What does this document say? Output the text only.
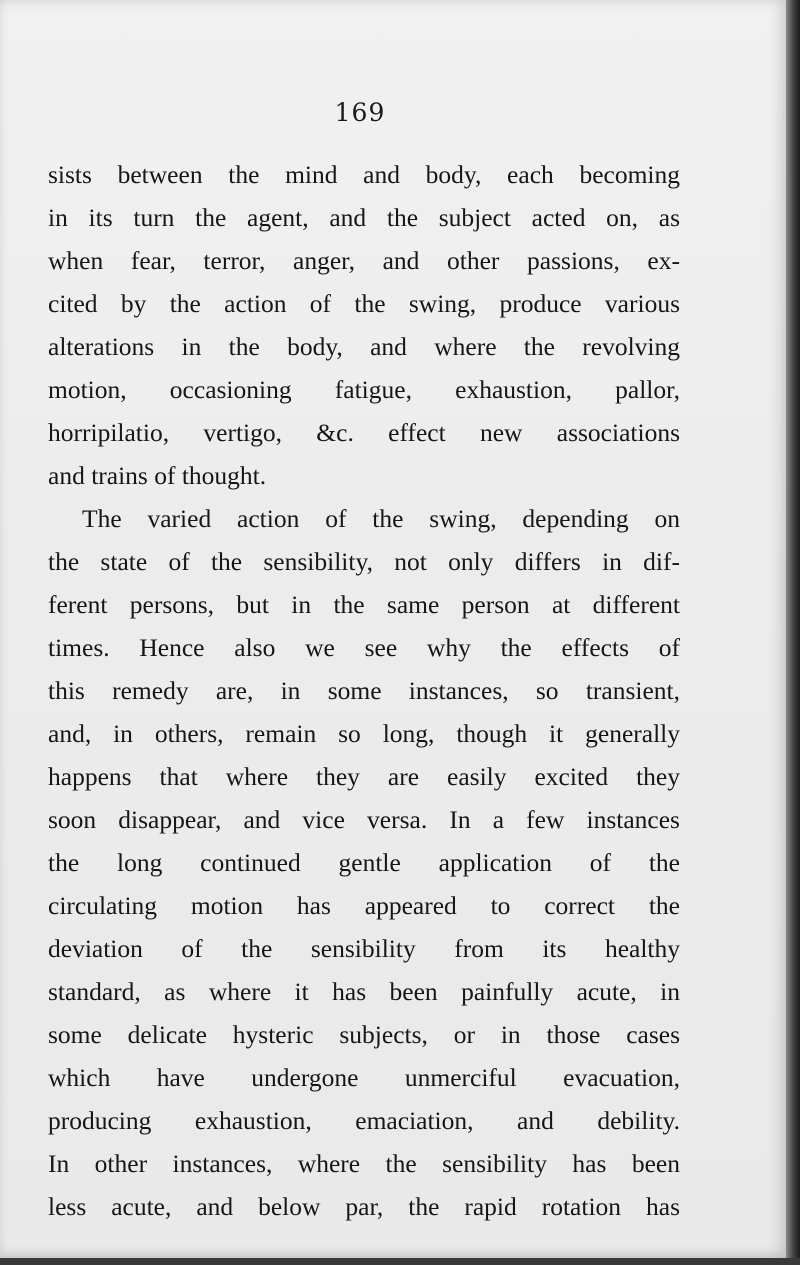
169
sists between the mind and body, each becoming
in its turn the agent, and the subject acted on, as
when fear, terror, anger, and other passions, ex-
cited by the action of the swing, produce various
alterations in the body, and where the revolving
motion, occasioning fatigue, exhaustion, pallor,
horripilatio, vertigo, &c. effect new associations
and trains of thought.
The varied action of the swing, depending on
the state of the sensibility, not only differs in dif-
ferent persons, but in the same person at different
times. Hence also we see why the effects of
this remedy are, in some instances, so transient,
and, in others, remain so long, though it generally
happens that where they are easily excited they
soon disappear, and vice versa. In a few instances
the long continued gentle application of the
circulating motion has appeared to correct the
deviation of the sensibility from its healthy
standard, as where it has been painfully acute, in
some delicate hysteric subjects, or in those cases
which have undergone unmerciful evacuation,
producing exhaustion, emaciation, and debility.
In other instances, where the sensibility has been
less acute, and below par, the rapid rotation has
